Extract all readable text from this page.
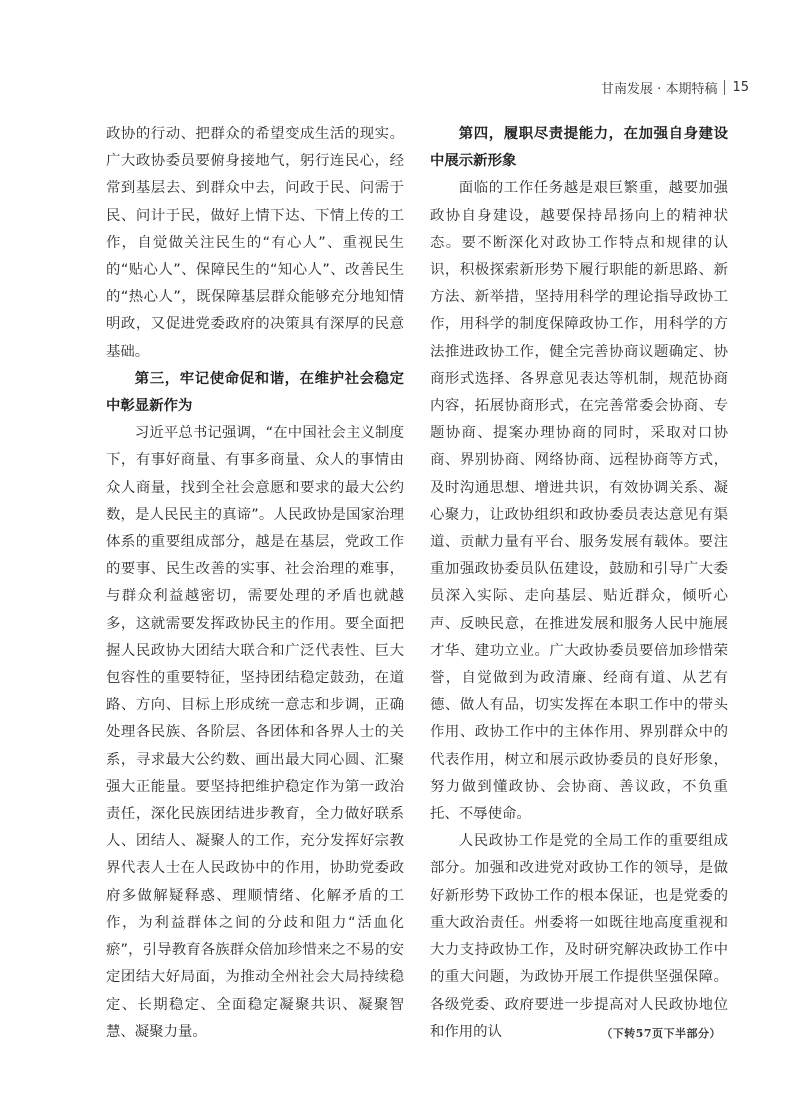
甘南发展 · 本期特稿 15

政协的行动、把群众的希望变成生活的现实。广大政协委员要俯身接地气，躬行连民心，经常到基层去、到群众中去，问政于民、问需于民、问计于民，做好上情下达、下情上传的工作，自觉做关注民生的“有心人”、重视民生的“贴心人”、保障民生的“知心人”、改善民生的“热心人”，既保障基层群众能够充分地知情明政，又促进党委政府的决策具有深厚的民意基础。

第三，牢记使命促和谐，在维护社会稳定中彰显新作为

习近平总书记强调，“在中国社会主义制度下，有事好商量、有事多商量、众人的事情由众人商量，找到全社会意愿和要求的最大公约数，是人民民主的真谛”。人民政协是国家治理体系的重要组成部分，越是在基层，党政工作的要事、民生改善的实事、社会治理的难事，与群众利益越密切，需要处理的矛盾也就越多，这就需要发挥政协民主的作用。要全面把握人民政协大团结大联合和广泛代表性、巨大包容性的重要特征，坚持团结稳定鼓劲，在道路、方向、目标上形成统一意志和步调，正确处理各民族、各阶层、各团体和各界人士的关系，寻求最大公约数、画出最大同心圆、汇聚强大正能量。要坚持把维护稳定作为第一政治责任，深化民族团结进步教育，全力做好联系人、团结人、凝聚人的工作，充分发挥好宗教界代表人士在人民政协中的作用，协助党委政府多做解疑释惑、理顺情绪、化解矛盾的工作，为利益群体之间的分歧和阻力“活血化瘀”，引导教育各族群众倍加珍惜来之不易的安定团结大好局面，为推动全州社会大局持续稳定、长期稳定、全面稳定凝聚共识、凝聚智慧、凝聚力量。

第四，履职尽责提能力，在加强自身建设中展示新形象

面临的工作任务越是艰巨繁重，越要加强政协自身建设，越要保持昂扬向上的精神状态。要不断深化对政协工作特点和规律的认识，积极探索新形势下履行职能的新思路、新方法、新举措，坚持用科学的理论指导政协工作，用科学的制度保障政协工作，用科学的方法推进政协工作，健全完善协商议题确定、协商形式选择、各界意见表达等机制，规范协商内容，拓展协商形式，在完善常委会协商、专题协商、提案办理协商的同时，采取对口协商、界别协商、网络协商、远程协商等方式，及时沟通思想、增进共识，有效协调关系、凝心聚力，让政协组织和政协委员表达意见有渠道、贡献力量有平台、服务发展有载体。要注重加强政协委员队伍建设，鼓励和引导广大委员深入实际、走向基层、贴近群众，倾听心声、反映民意，在推进发展和服务人民中施展才华、建功立业。广大政协委员要倍加珍惜荣誉，自觉做到为政清廉、经商有道、从艺有德、做人有品，切实发挥在本职工作中的带头作用、政协工作中的主体作用、界别群众中的代表作用，树立和展示政协委员的良好形象，努力做到懂政协、会协商、善议政，不负重托、不辱使命。

人民政协工作是党的全局工作的重要组成部分。加强和改进党对政协工作的领导，是做好新形势下政协工作的根本保证，也是党委的重大政治责任。州委将一如既往地高度重视和大力支持政协工作，及时研究解决政协工作中的重大问题，为政协开展工作提供坚强保障。各级党委、政府要进一步提高对人民政协地位和作用的认	（下转57页下半部分）
